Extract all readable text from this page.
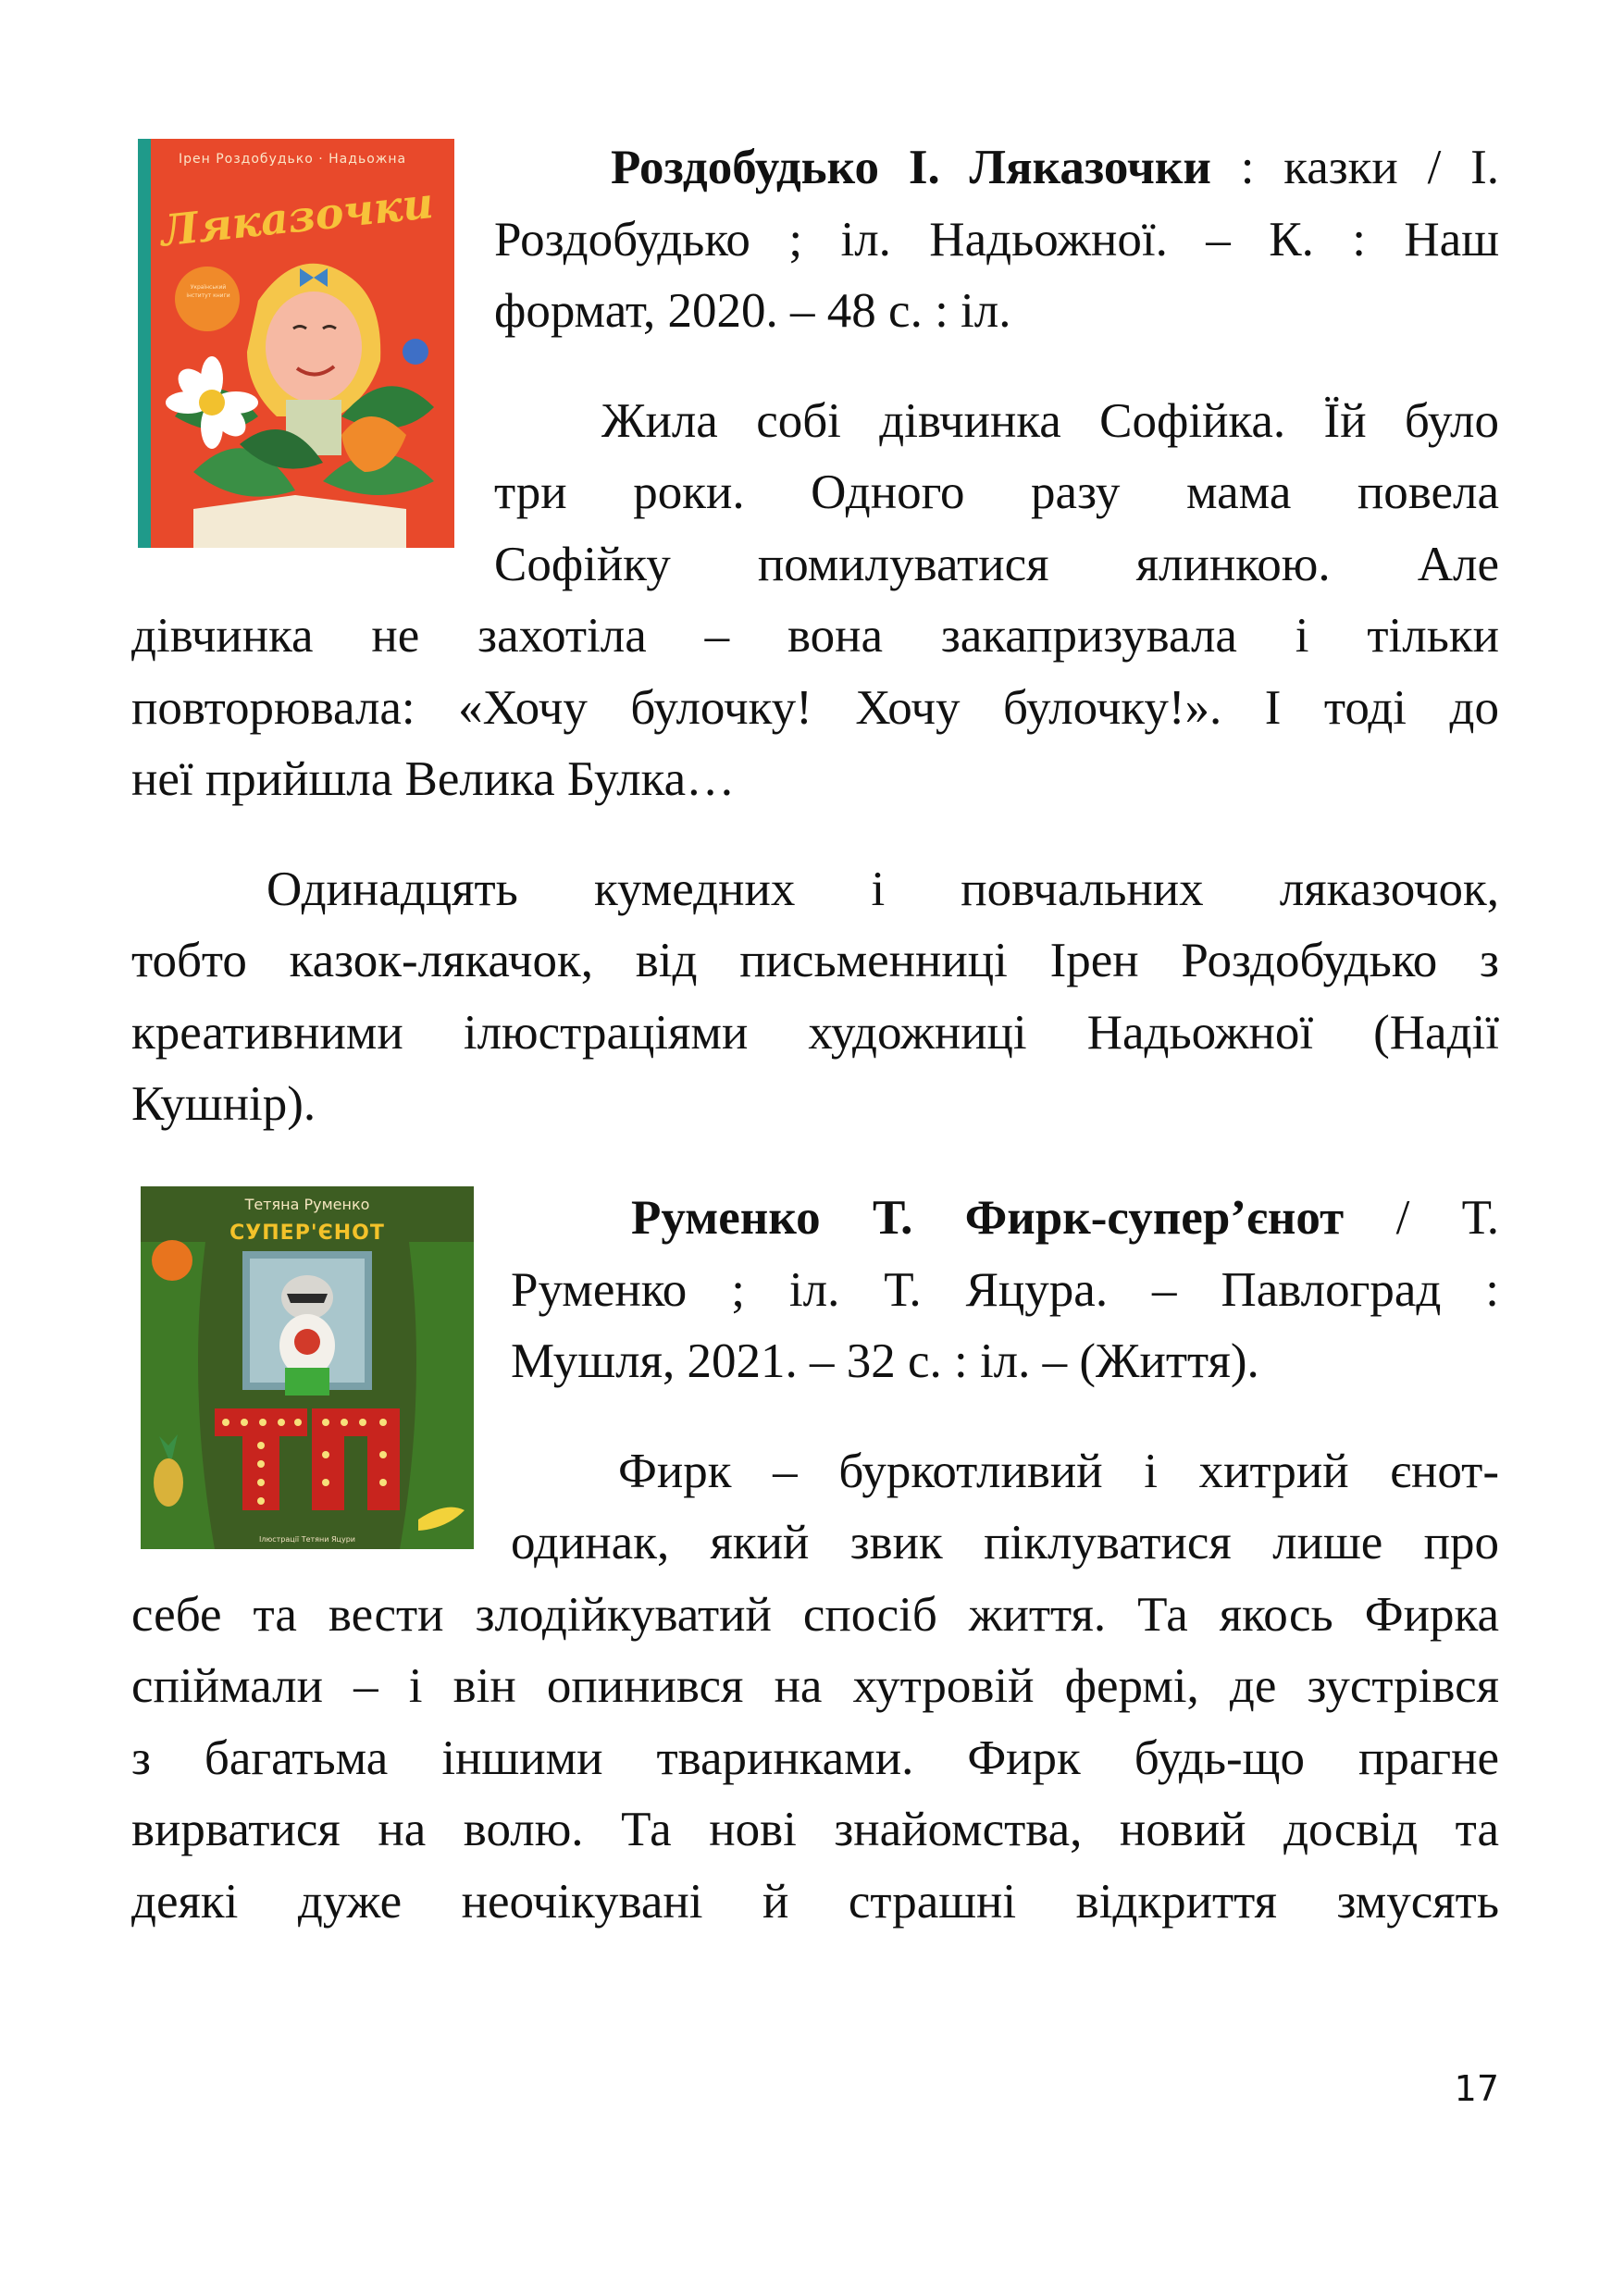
Ірен Роздобудько · Надьожна
Ляказочки
Український інститут книги
Роздобудько І. Ляказочки : казки / І.
Роздобудько ; іл. Надьожної. – К. : Наш
формат, 2020. – 48 с. : іл.
Жила собі дівчинка Софійка. Їй було
три роки. Одного разу мама повела
Софійку помилуватися ялинкою. Але
дівчинка не захотіла – вона закапризувала і тільки
повторювала: «Хочу булочку! Хочу булочку!». І тоді до
неї прийшла Велика Булка…
Одинадцять кумедних і повчальних ляказочок,
тобто казок-лякачок, від письменниці Ірен Роздобудько з
креативними ілюстраціями художниці Надьожної (Надії
Кушнір).
Тетяна Руменко
СУПЕР'ЄНОТ
Ілюстрації Тетяни Яцури
Руменко Т. Фирк-супер’єнот / Т.
Руменко ; іл. Т. Яцура. – Павлоград :
Мушля, 2021. – 32 с. : іл. – (Життя).
Фирк – буркотливий і хитрий єнот-
одинак, який звик піклуватися лише про
себе та вести злодійкуватий спосіб життя. Та якось Фирка
спіймали – і він опинився на хутровій фермі, де зустрівся
з багатьма іншими тваринками. Фирк будь-що прагне
вирватися на волю. Та нові знайомства, новий досвід та
деякі дуже неочікувані й страшні відкриття змусять
17
